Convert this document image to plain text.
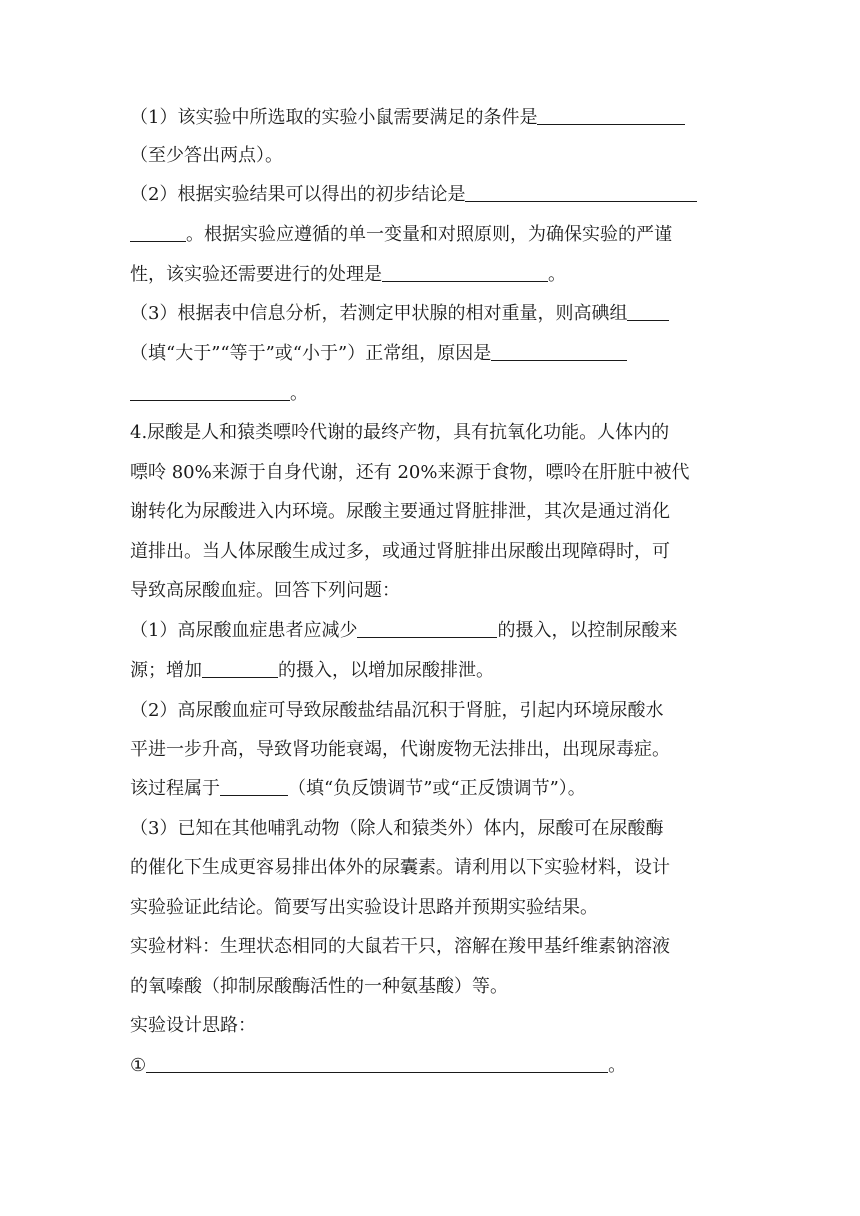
（1）该实验中所选取的实验小鼠需要满足的条件是
（至少答出两点）。
（2）根据实验结果可以得出的初步结论是
。根据实验应遵循的单一变量和对照原则，为确保实验的严谨
性，该实验还需要进行的处理是	。
（3）根据表中信息分析，若测定甲状腺的相对重量，则高碘组
（填“大于”“等于”或“小于”）正常组，原因是
。
4.尿酸是人和猿类嘌呤代谢的最终产物，具有抗氧化功能。人体内的
嘌呤 80%来源于自身代谢，还有 20%来源于食物，嘌呤在肝脏中被代
谢转化为尿酸进入内环境。尿酸主要通过肾脏排泄，其次是通过消化
道排出。当人体尿酸生成过多，或通过肾脏排出尿酸出现障碍时，可
导致高尿酸血症。回答下列问题：
（1）高尿酸血症患者应减少	的摄入，以控制尿酸来
源；增加	的摄入，以增加尿酸排泄。
（2）高尿酸血症可导致尿酸盐结晶沉积于肾脏，引起内环境尿酸水
平进一步升高，导致肾功能衰竭，代谢废物无法排出，出现尿毒症。
该过程属于	（填“负反馈调节”或“正反馈调节”）。
（3）已知在其他哺乳动物（除人和猿类外）体内，尿酸可在尿酸酶
的催化下生成更容易排出体外的尿囊素。请利用以下实验材料，设计
实验验证此结论。简要写出实验设计思路并预期实验结果。
实验材料：生理状态相同的大鼠若干只，溶解在羧甲基纤维素钠溶液
的氧嗪酸（抑制尿酸酶活性的一种氨基酸）等。
实验设计思路：
①	。
